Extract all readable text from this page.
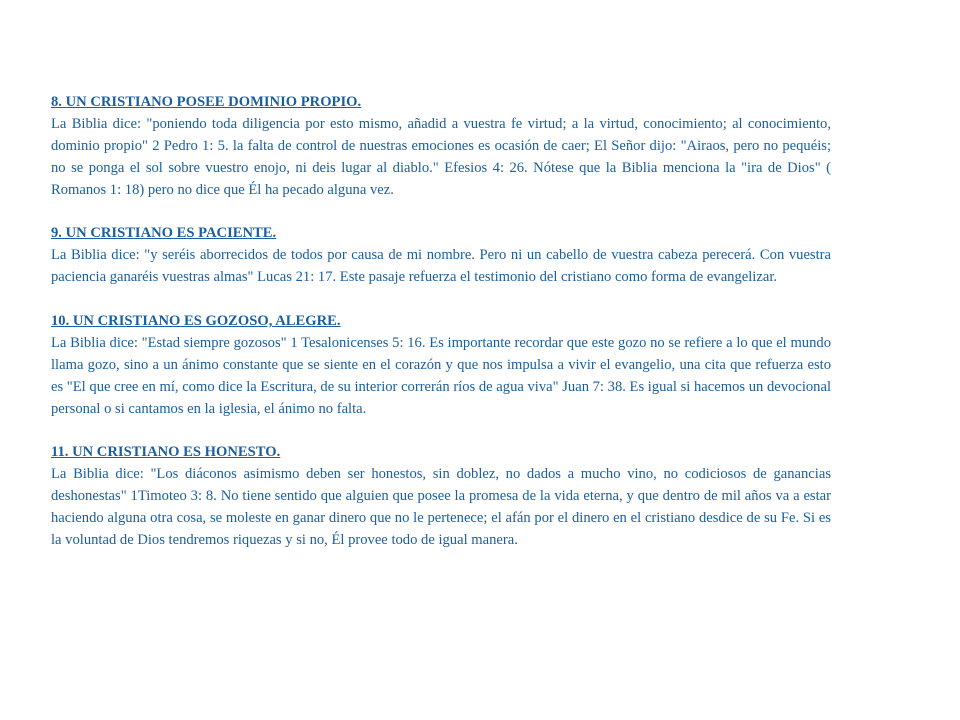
8. UN CRISTIANO POSEE DOMINIO PROPIO.
La Biblia dice: "poniendo toda diligencia por esto mismo, añadid a vuestra fe virtud; a la virtud, conocimiento; al conocimiento, dominio propio" 2 Pedro 1: 5. la falta de control de nuestras emociones es ocasión de caer; El Señor dijo: "Airaos, pero no pequéis; no se ponga el sol sobre vuestro enojo, ni deis lugar al diablo." Efesios 4: 26. Nótese que la Biblia menciona la "ira de Dios" ( Romanos 1: 18) pero no dice que Él ha pecado alguna vez.
9. UN CRISTIANO ES PACIENTE.
La Biblia dice: "y seréis aborrecidos de todos por causa de mi nombre. Pero ni un cabello de vuestra cabeza perecerá. Con vuestra paciencia ganaréis vuestras almas" Lucas 21: 17. Este pasaje refuerza el testimonio del cristiano como forma de evangelizar.
10. UN CRISTIANO ES GOZOSO, ALEGRE.
La Biblia dice: "Estad siempre gozosos" 1 Tesalonicenses 5: 16. Es importante recordar que este gozo no se refiere a lo que el mundo llama gozo, sino a un ánimo constante que se siente en el corazón y que nos impulsa a vivir el evangelio, una cita que refuerza esto es "El que cree en mí, como dice la Escritura, de su interior correrán ríos de agua viva" Juan 7: 38. Es igual si hacemos un devocional personal o si cantamos en la iglesia, el ánimo no falta.
11. UN CRISTIANO ES HONESTO.
La Biblia dice: "Los diáconos asimismo deben ser honestos, sin doblez, no dados a mucho vino, no codiciosos de ganancias deshonestas" 1Timoteo 3: 8. No tiene sentido que alguien que posee la promesa de la vida eterna, y que dentro de mil años va a estar haciendo alguna otra cosa, se moleste en ganar dinero que no le pertenece; el afán por el dinero en el cristiano desdice de su Fe. Si es la voluntad de Dios tendremos riquezas y si no, Él provee todo de igual manera.
